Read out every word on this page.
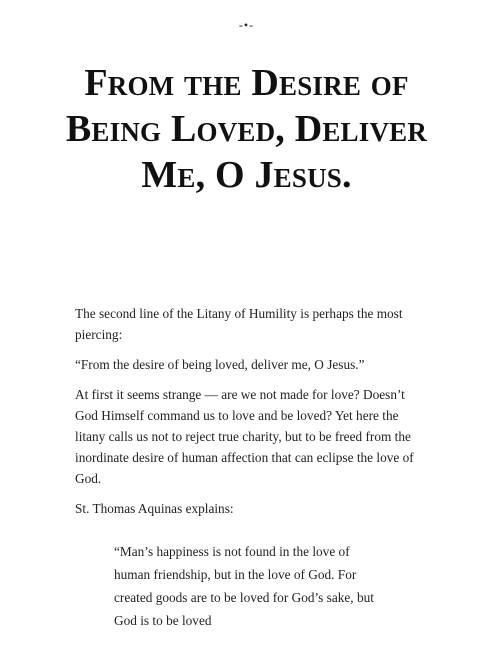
-•-
From the Desire of Being Loved, Deliver Me, O Jesus.

The second line of the Litany of Humility is perhaps the most piercing:

“From the desire of being loved, deliver me, O Jesus.”

At first it seems strange — are we not made for love? Doesn’t God Himself command us to love and be loved? Yet here the litany calls us not to reject true charity, but to be freed from the inordinate desire of human affection that can eclipse the love of God.

St. Thomas Aquinas explains:

“Man’s happiness is not found in the love of human friendship, but in the love of God. For created goods are to be loved for God’s sake, but God is to be loved
